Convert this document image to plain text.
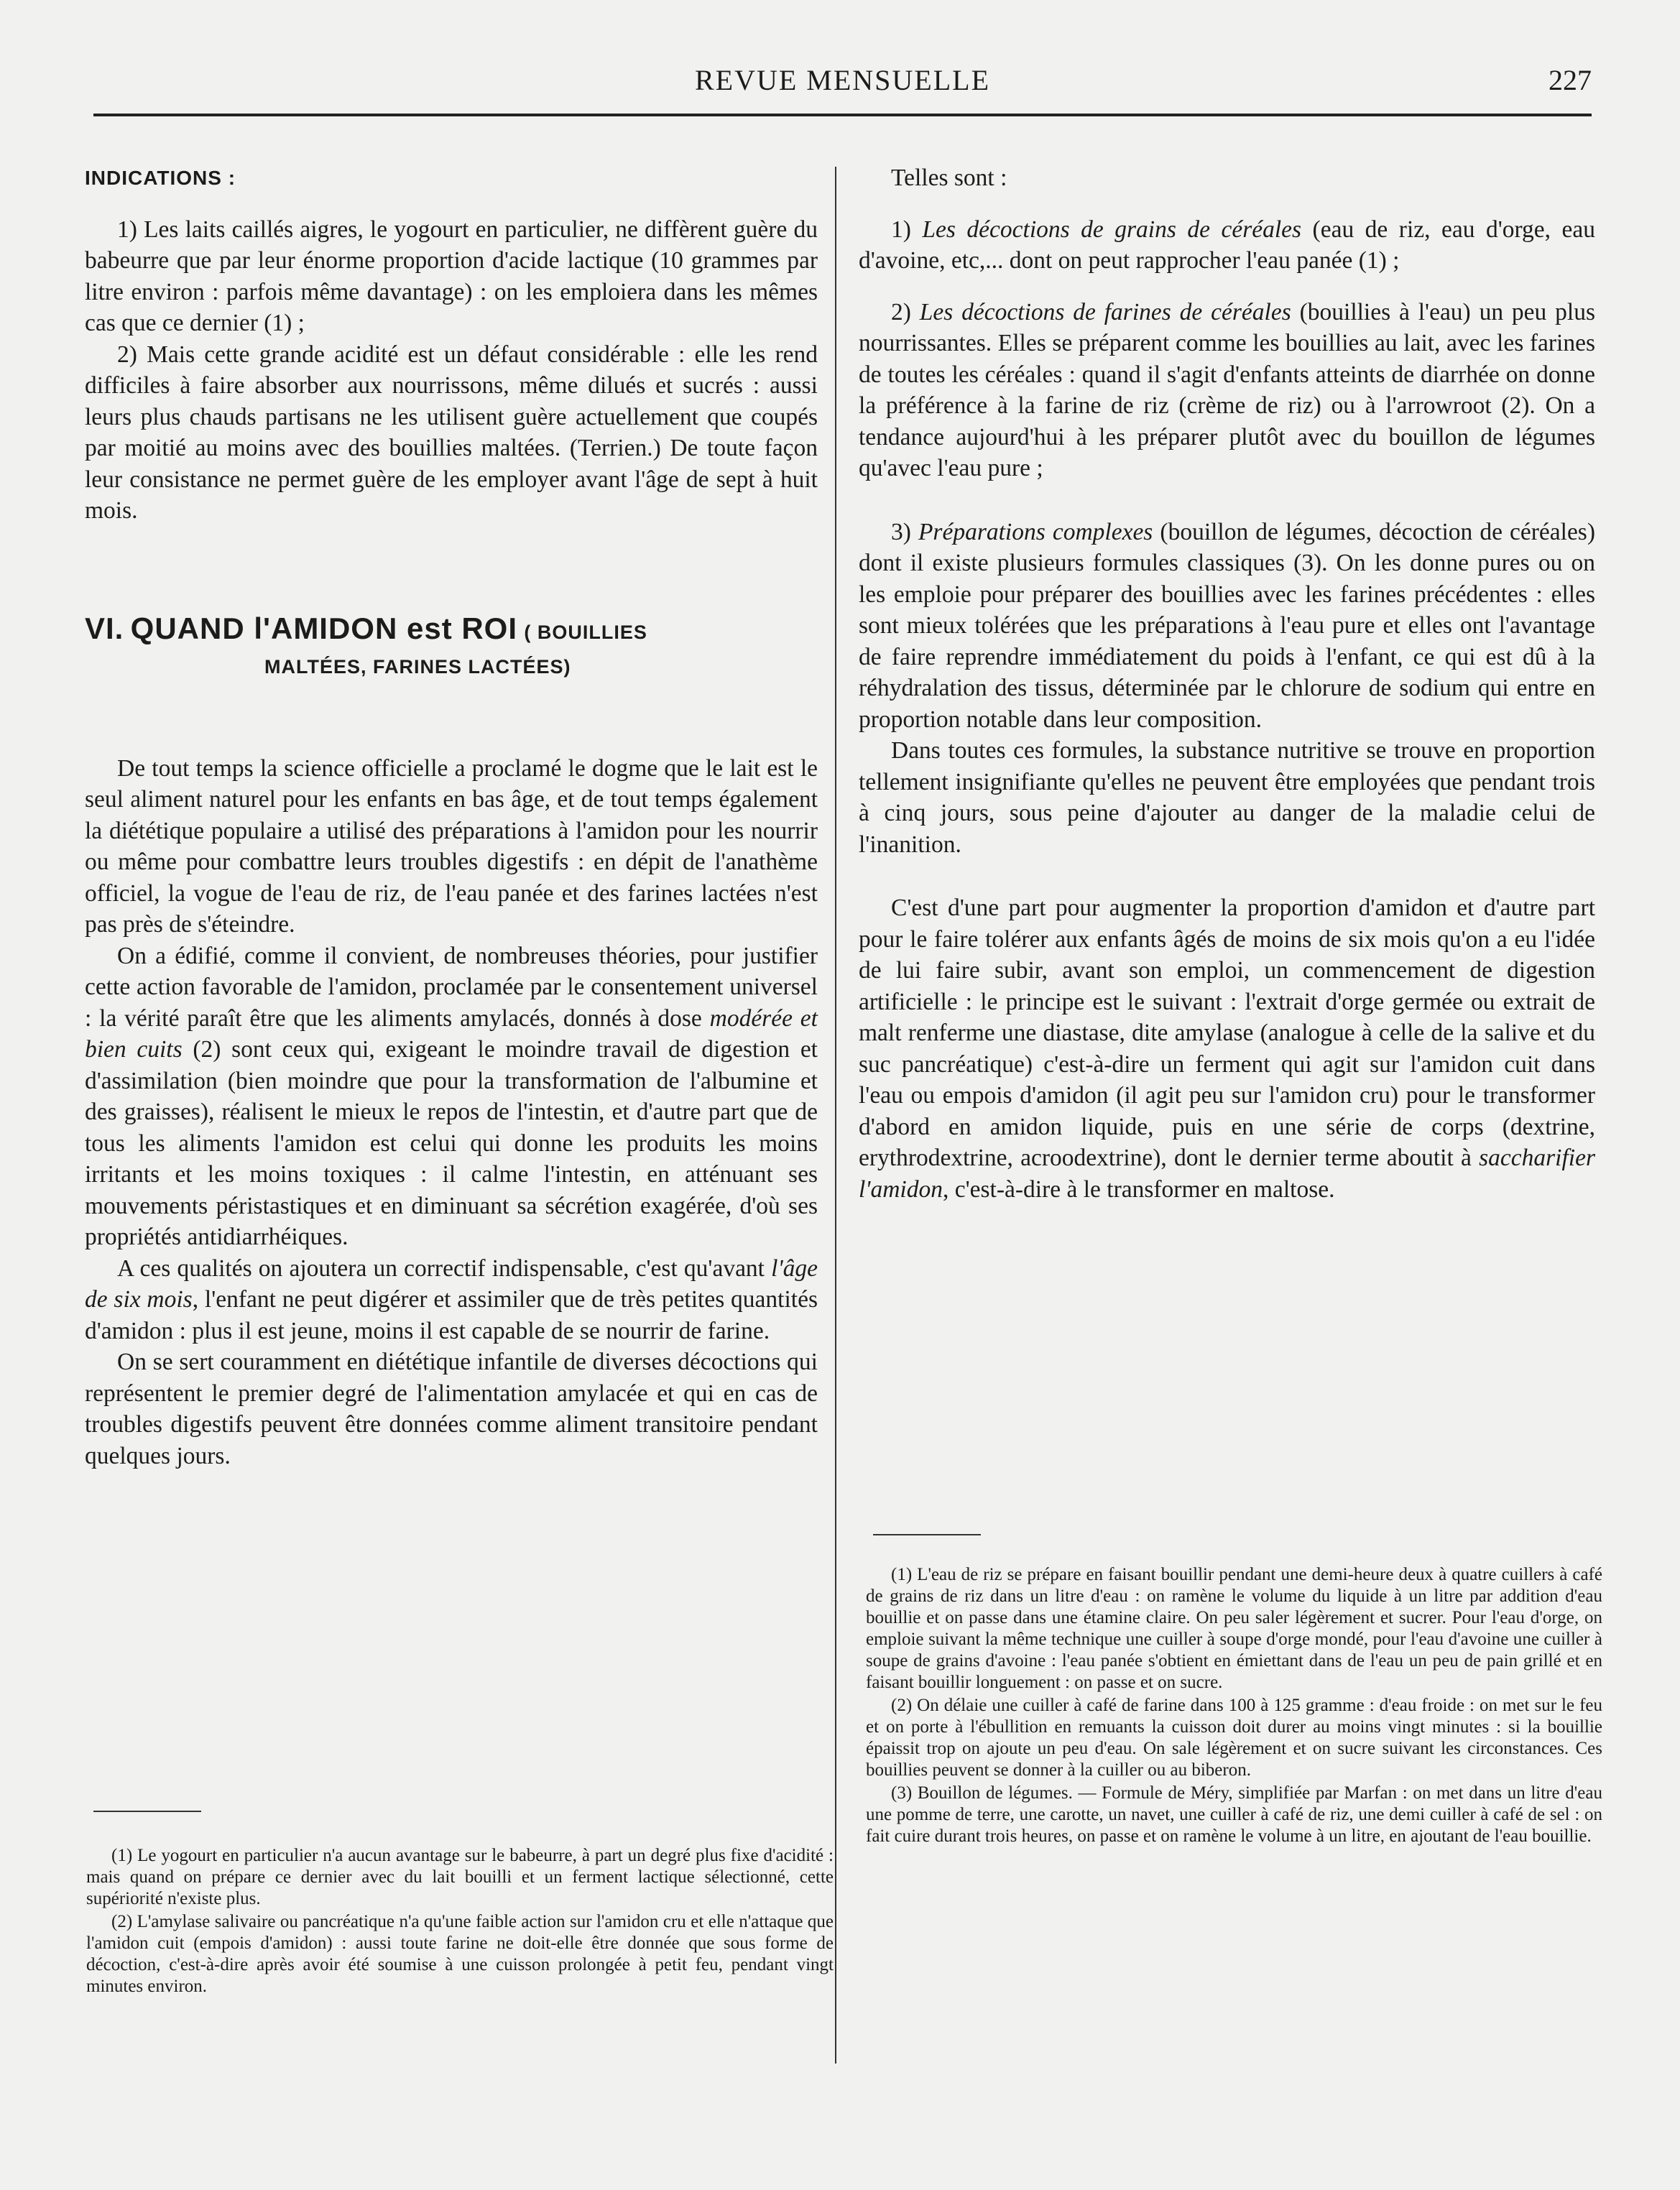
REVUE MENSUELLE	227

INDICATIONS :

1) Les laits caillés aigres, le yogourt en particulier, ne diffèrent guère du babeurre que par leur énorme proportion d'acide lactique (10 grammes par litre environ : parfois même davantage) : on les emploiera dans les mêmes cas que ce dernier (1) ;

2) Mais cette grande acidité est un défaut considérable : elle les rend difficiles à faire absorber aux nourrissons, même dilués et sucrés : aussi leurs plus chauds partisans ne les utilisent guère actuellement que coupés par moitié au moins avec des bouillies maltées. (Terrien.) De toute façon leur consistance ne permet guère de les employer avant l'âge de sept à huit mois.

VI. QUAND l'AMIDON est ROI ( BOUILLIES
MALTÉES, FARINES LACTÉES)

De tout temps la science officielle a proclamé le dogme que le lait est le seul aliment naturel pour les enfants en bas âge, et de tout temps également la diététique populaire a utilisé des préparations à l'amidon pour les nourrir ou même pour combattre leurs troubles digestifs : en dépit de l'anathème officiel, la vogue de l'eau de riz, de l'eau panée et des farines lactées n'est pas près de s'éteindre.

On a édifié, comme il convient, de nombreuses théories, pour justifier cette action favorable de l'amidon, proclamée par le consentement universel : la vérité paraît être que les aliments amylacés, donnés à dose modérée et bien cuits (2) sont ceux qui, exigeant le moindre travail de digestion et d'assimilation (bien moindre que pour la transformation de l'albumine et des graisses), réalisent le mieux le repos de l'intestin, et d'autre part que de tous les aliments l'amidon est celui qui donne les produits les moins irritants et les moins toxiques : il calme l'intestin, en atténuant ses mouvements péristastiques et en diminuant sa sécrétion exagérée, d'où ses propriétés antidiarrhéiques.

A ces qualités on ajoutera un correctif indispensable, c'est qu'avant l'âge de six mois, l'enfant ne peut digérer et assimiler que de très petites quantités d'amidon : plus il est jeune, moins il est capable de se nourrir de farine.

On se sert couramment en diététique infantile de diverses décoctions qui représentent le premier degré de l'alimentation amylacée et qui en cas de troubles digestifs peuvent être données comme aliment transitoire pendant quelques jours.

(1) Le yogourt en particulier n'a aucun avantage sur le babeurre, à part un degré plus fixe d'acidité : mais quand on prépare ce dernier avec du lait bouilli et un ferment lactique sélectionné, cette supériorité n'existe plus.

(2) L'amylase salivaire ou pancréatique n'a qu'une faible action sur l'amidon cru et elle n'attaque que l'amidon cuit (empois d'amidon) : aussi toute farine ne doit-elle être donnée que sous forme de décoction, c'est-à-dire après avoir été soumise à une cuisson prolongée à petit feu, pendant vingt minutes environ.

Telles sont :

1) Les décoctions de grains de céréales (eau de riz, eau d'orge, eau d'avoine, etc,... dont on peut rapprocher l'eau panée (1) ;

2) Les décoctions de farines de céréales (bouillies à l'eau) un peu plus nourrissantes. Elles se préparent comme les bouillies au lait, avec les farines de toutes les céréales : quand il s'agit d'enfants atteints de diarrhée on donne la préférence à la farine de riz (crème de riz) ou à l'arrowroot (2). On a tendance aujourd'hui à les préparer plutôt avec du bouillon de légumes qu'avec l'eau pure ;

3) Préparations complexes (bouillon de légumes, décoction de céréales) dont il existe plusieurs formules classiques (3). On les donne pures ou on les emploie pour préparer des bouillies avec les farines précédentes : elles sont mieux tolérées que les préparations à l'eau pure et elles ont l'avantage de faire reprendre immédiatement du poids à l'enfant, ce qui est dû à la réhydralation des tissus, déterminée par le chlorure de sodium qui entre en proportion notable dans leur composition.

Dans toutes ces formules, la substance nutritive se trouve en proportion tellement insignifiante qu'elles ne peuvent être employées que pendant trois à cinq jours, sous peine d'ajouter au danger de la maladie celui de l'inanition.

C'est d'une part pour augmenter la proportion d'amidon et d'autre part pour le faire tolérer aux enfants âgés de moins de six mois qu'on a eu l'idée de lui faire subir, avant son emploi, un commencement de digestion artificielle : le principe est le suivant : l'extrait d'orge germée ou extrait de malt renferme une diastase, dite amylase (analogue à celle de la salive et du suc pancréatique) c'est-à-dire un ferment qui agit sur l'amidon cuit dans l'eau ou empois d'amidon (il agit peu sur l'amidon cru) pour le transformer d'abord en amidon liquide, puis en une série de corps (dextrine, erythrodextrine, acroodextrine), dont le dernier terme aboutit à saccharifier l'amidon, c'est-à-dire à le transformer en maltose.

(1) L'eau de riz se prépare en faisant bouillir pendant une demi-heure deux à quatre cuillers à café de grains de riz dans un litre d'eau : on ramène le volume du liquide à un litre par addition d'eau bouillie et on passe dans une étamine claire. On peu saler légèrement et sucrer. Pour l'eau d'orge, on emploie suivant la même technique une cuiller à soupe d'orge mondé, pour l'eau d'avoine une cuiller à soupe de grains d'avoine : l'eau panée s'obtient en émiettant dans de l'eau un peu de pain grillé et en faisant bouillir longuement : on passe et on sucre.

(2) On délaie une cuiller à café de farine dans 100 à 125 gramme : d'eau froide : on met sur le feu et on porte à l'ébullition en remuants la cuisson doit durer au moins vingt minutes : si la bouillie épaissit trop on ajoute un peu d'eau. On sale légèrement et on sucre suivant les circonstances. Ces bouillies peuvent se donner à la cuiller ou au biberon.

(3) Bouillon de légumes. — Formule de Méry, simplifiée par Marfan : on met dans un litre d'eau une pomme de terre, une carotte, un navet, une cuiller à café de riz, une demi cuiller à café de sel : on fait cuire durant trois heures, on passe et on ramène le volume à un litre, en ajoutant de l'eau bouillie.
